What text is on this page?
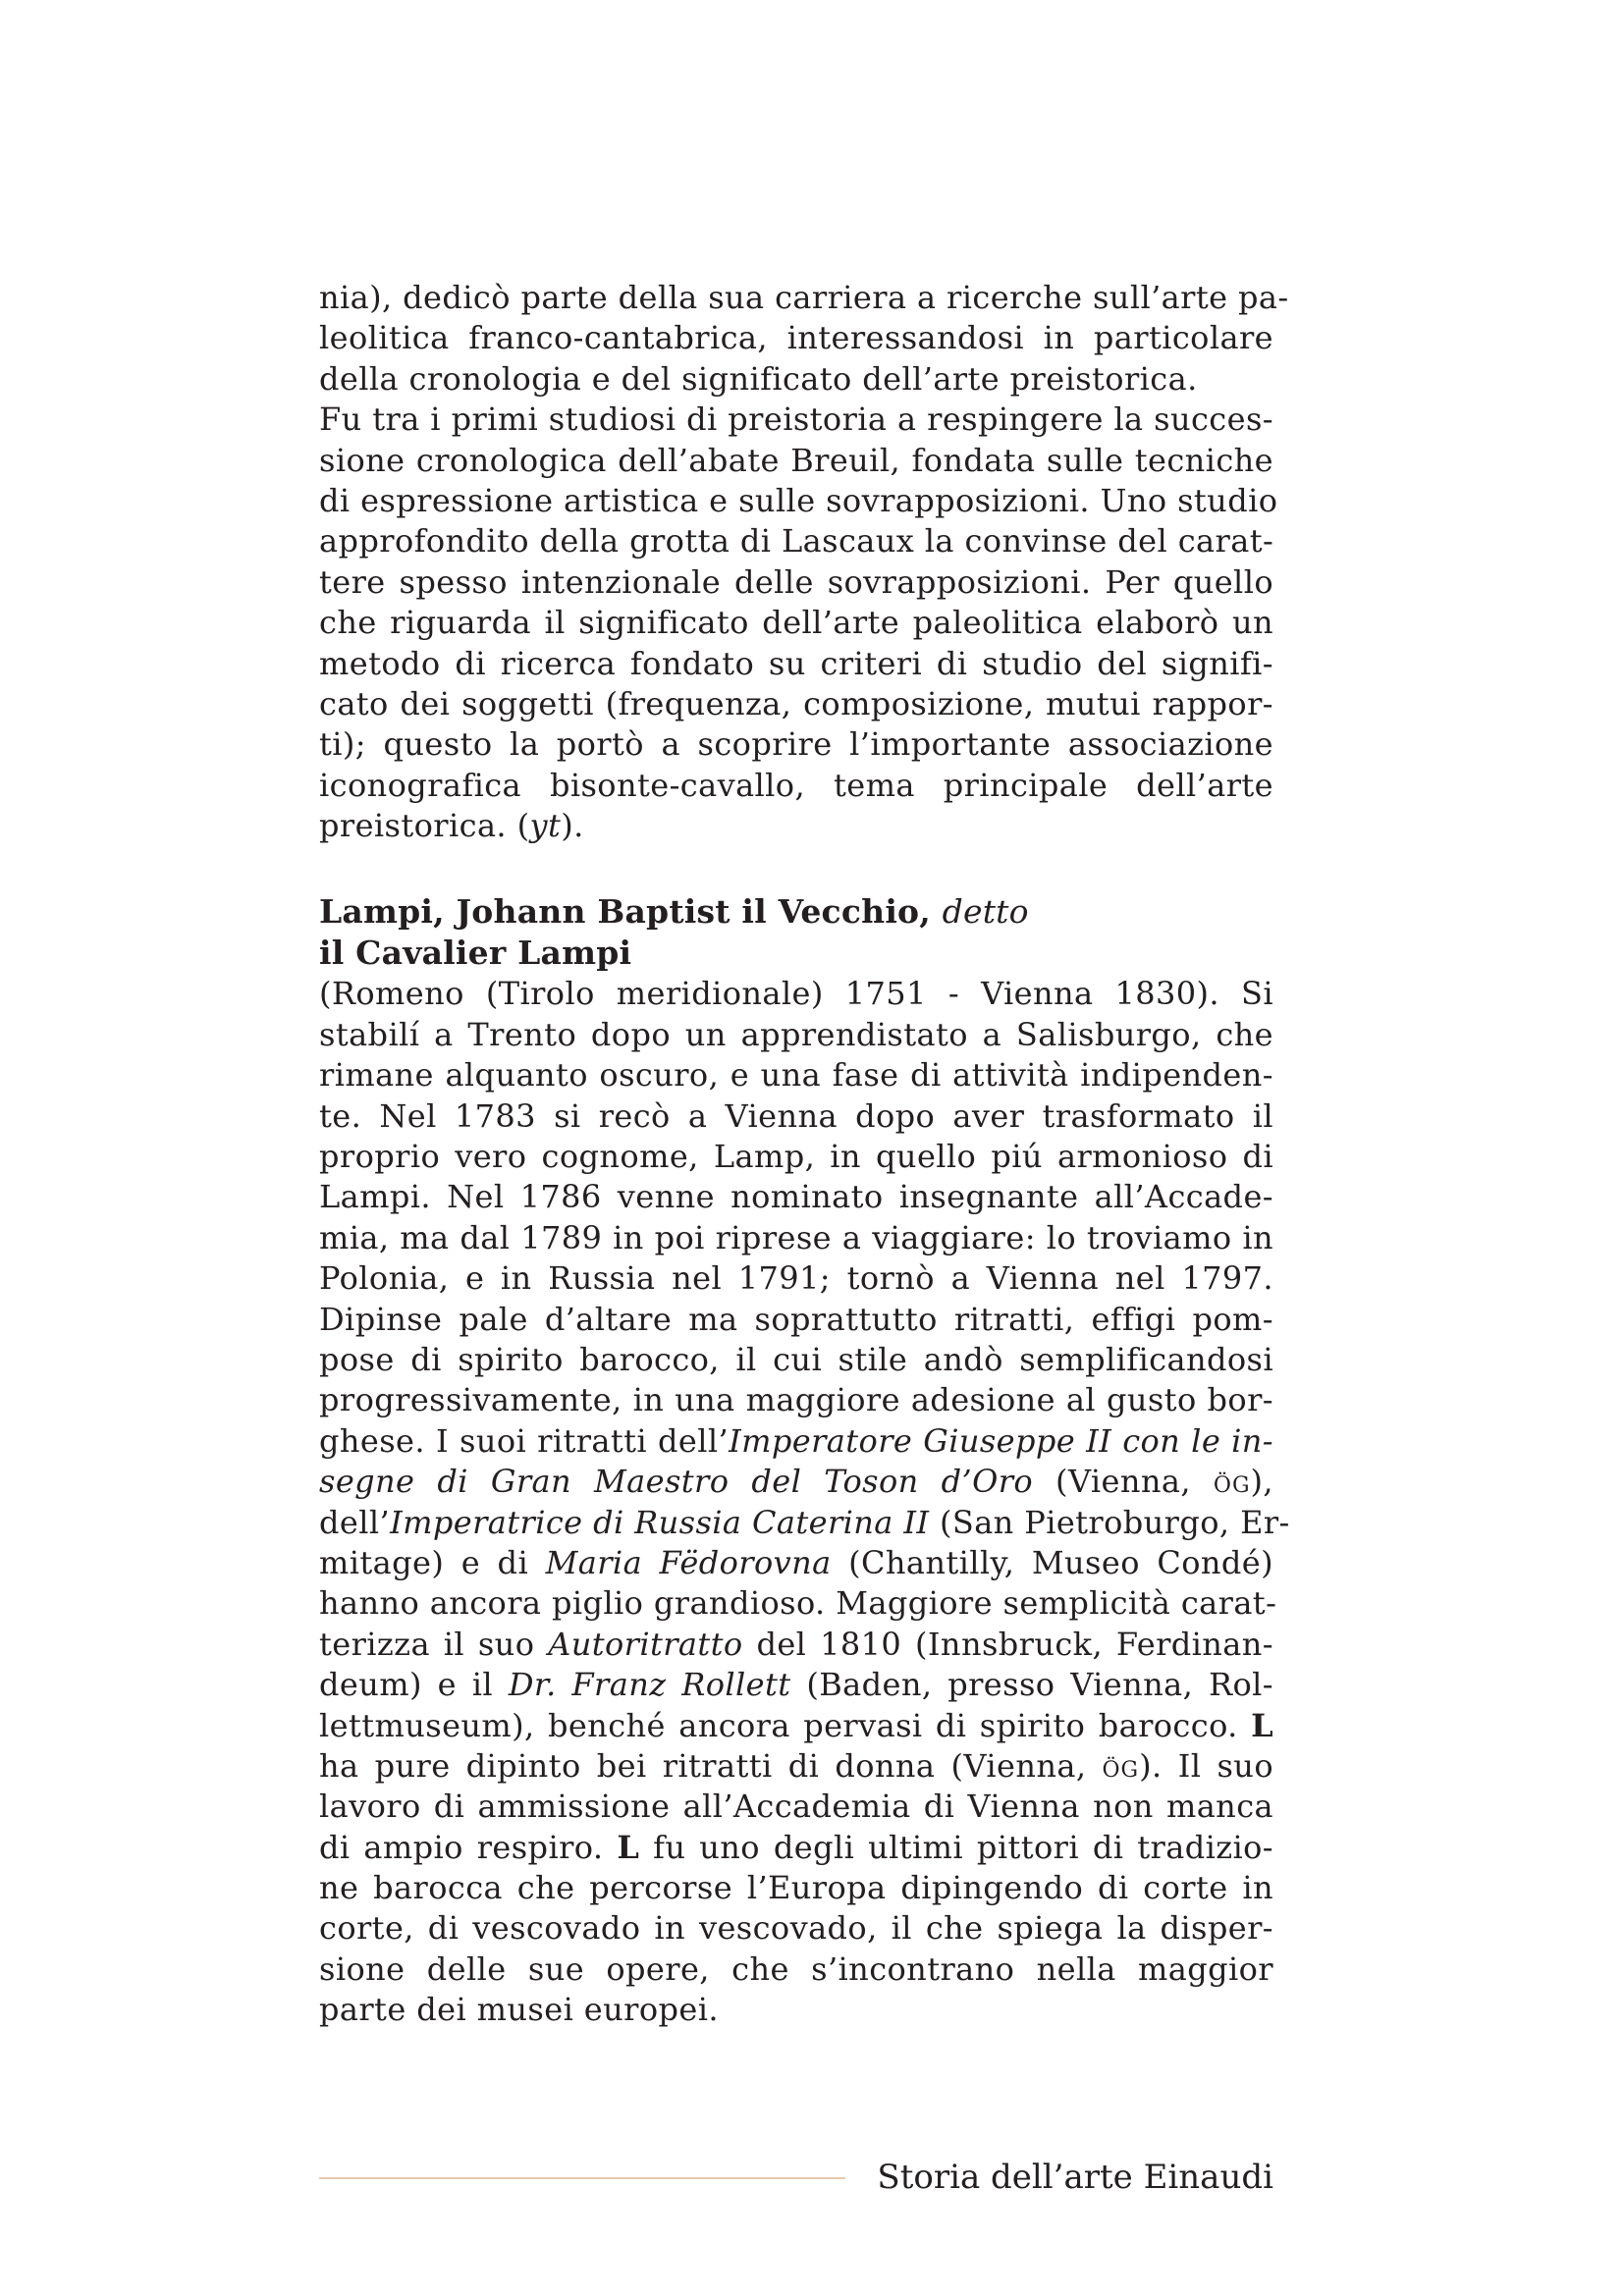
nia), dedicò parte della sua carriera a ricerche sull’arte pa-
leolitica franco-cantabrica, interessandosi in particolare
della cronologia e del significato dell’arte preistorica.
Fu tra i primi studiosi di preistoria a respingere la succes-
sione cronologica dell’abate Breuil, fondata sulle tecniche
di espressione artistica e sulle sovrapposizioni. Uno studio
approfondito della grotta di Lascaux la convinse del carat-
tere spesso intenzionale delle sovrapposizioni. Per quello
che riguarda il significato dell’arte paleolitica elaborò un
metodo di ricerca fondato su criteri di studio del signifi-
cato dei soggetti (frequenza, composizione, mutui rappor-
ti); questo la portò a scoprire l’importante associazione
iconografica bisonte-cavallo, tema principale dell’arte
preistorica. (yt).
Lampi, Johann Baptist il Vecchio, detto
il Cavalier Lampi
(Romeno (Tirolo meridionale) 1751 - Vienna 1830). Si
stabilí a Trento dopo un apprendistato a Salisburgo, che
rimane alquanto oscuro, e una fase di attività indipenden-
te. Nel 1783 si recò a Vienna dopo aver trasformato il
proprio vero cognome, Lamp, in quello piú armonioso di
Lampi. Nel 1786 venne nominato insegnante all’Accade-
mia, ma dal 1789 in poi riprese a viaggiare: lo troviamo in
Polonia, e in Russia nel 1791; tornò a Vienna nel 1797.
Dipinse pale d’altare ma soprattutto ritratti, effigi pom-
pose di spirito barocco, il cui stile andò semplificandosi
progressivamente, in una maggiore adesione al gusto bor-
ghese. I suoi ritratti dell’Imperatore Giuseppe II con le in-
segne di Gran Maestro del Toson d’Oro (Vienna, ög),
dell’Imperatrice di Russia Caterina II (San Pietroburgo, Er-
mitage) e di Maria Fëdorovna (Chantilly, Museo Condé)
hanno ancora piglio grandioso. Maggiore semplicità carat-
terizza il suo Autoritratto del 1810 (Innsbruck, Ferdinan-
deum) e il Dr. Franz Rollett (Baden, presso Vienna, Rol-
lettmuseum), benché ancora pervasi di spirito barocco. L
ha pure dipinto bei ritratti di donna (Vienna, ög). Il suo
lavoro di ammissione all’Accademia di Vienna non manca
di ampio respiro. L fu uno degli ultimi pittori di tradizio-
ne barocca che percorse l’Europa dipingendo di corte in
corte, di vescovado in vescovado, il che spiega la disper-
sione delle sue opere, che s’incontrano nella maggior
parte dei musei europei.
Storia dell’arte Einaudi
